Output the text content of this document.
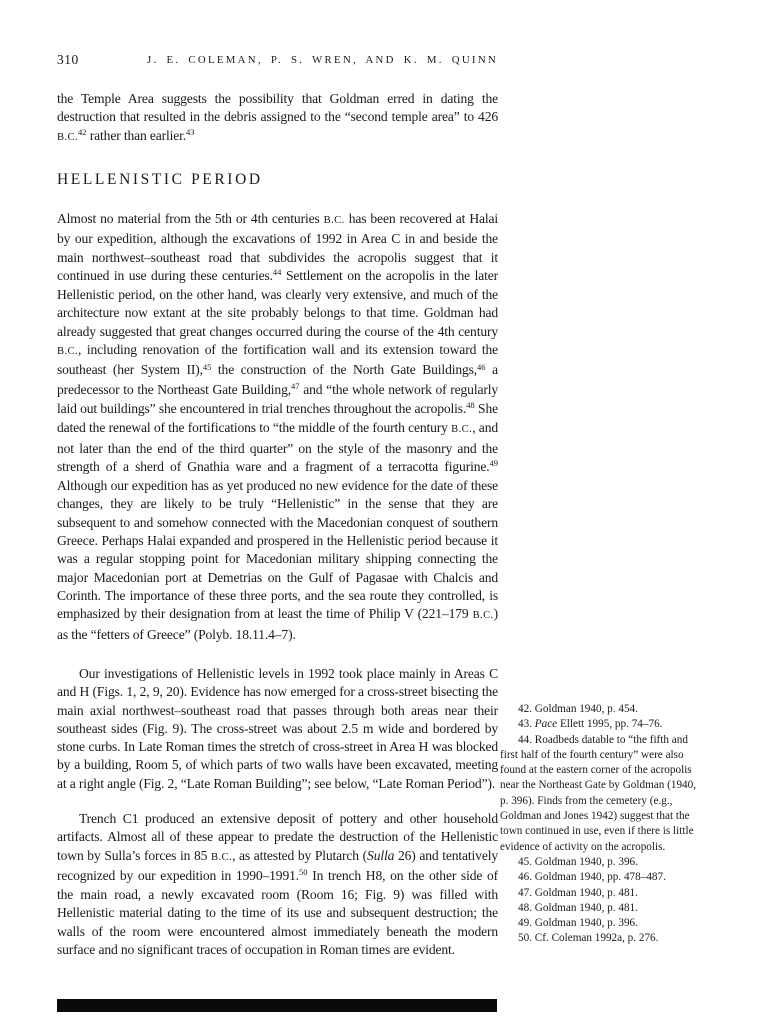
310	J. E. COLEMAN, P. S. WREN, AND K. M. QUINN

the Temple Area suggests the possibility that Goldman erred in dating the destruction that resulted in the debris assigned to the “second temple area” to 426 B.C.$^{42}$ rather than earlier.$^{43}$

HELLENISTIC PERIOD

Almost no material from the 5th or 4th centuries B.C. has been recovered at Halai by our expedition, although the excavations of 1992 in Area C in and beside the main northwest–southeast road that subdivides the acropolis suggest that it continued in use during these centuries.$^{44}$ Settlement on the acropolis in the later Hellenistic period, on the other hand, was clearly very extensive, and much of the architecture now extant at the site probably belongs to that time. Goldman had already suggested that great changes occurred during the course of the 4th century B.C., including renovation of the fortification wall and its extension toward the southeast (her System II),$^{45}$ the construction of the North Gate Buildings,$^{46}$ a predecessor to the Northeast Gate Building,$^{47}$ and “the whole network of regularly laid out buildings” she encountered in trial trenches throughout the acropolis.$^{48}$ She dated the renewal of the fortifications to “the middle of the fourth century B.C., and not later than the end of the third quarter” on the style of the masonry and the strength of a sherd of Gnathia ware and a fragment of a terracotta figurine.$^{49}$ Although our expedition has as yet produced no new evidence for the date of these changes, they are likely to be truly “Hellenistic” in the sense that they are subsequent to and somehow connected with the Macedonian conquest of southern Greece. Perhaps Halai expanded and prospered in the Hellenistic period because it was a regular stopping point for Macedonian military shipping connecting the major Macedonian port at Demetrias on the Gulf of Pagasae with Chalcis and Corinth. The importance of these three ports, and the sea route they controlled, is emphasized by their designation from at least the time of Philip V (221–179 B.C.) as the “fetters of Greece” (Polyb. 18.11.4–7).

Our investigations of Hellenistic levels in 1992 took place mainly in Areas C and H (Figs. 1, 2, 9, 20). Evidence has now emerged for a cross-street bisecting the main axial northwest–southeast road that passes through both areas near their southeast sides (Fig. 9). The cross-street was about 2.5 m wide and bordered by stone curbs. In Late Roman times the stretch of cross-street in Area H was blocked by a building, Room 5, of which parts of two walls have been excavated, meeting at a right angle (Fig. 2, “Late Roman Building”; see below, “Late Roman Period”).

Trench C1 produced an extensive deposit of pottery and other household artifacts. Almost all of these appear to predate the destruction of the Hellenistic town by Sulla’s forces in 85 B.C., as attested by Plutarch (Sulla 26) and tentatively recognized by our expedition in 1990–1991.50 In trench H8, on the other side of the main road, a newly excavated room (Room 16; Fig. 9) was filled with Hellenistic material dating to the time of its use and subsequent destruction; the walls of the room were encountered almost immediately beneath the modern surface and no significant traces of occupation in Roman times are evident.

42. Goldman 1940, p. 454.

43. Pace Ellett 1995, pp. 74–76.

44. Roadbeds datable to “the fifth and first half of the fourth century” were also found at the eastern corner of the acropolis near the Northeast Gate by Goldman (1940, p. 396). Finds from the cemetery (e.g., Goldman and Jones 1942) suggest that the town continued in use, even if there is little evidence of activity on the acropolis.

45. Goldman 1940, p. 396.

46. Goldman 1940, pp. 478–487.

47. Goldman 1940, p. 481.

48. Goldman 1940, p. 481.

49. Goldman 1940, p. 396.

50. Cf. Coleman 1992a, p. 276.
